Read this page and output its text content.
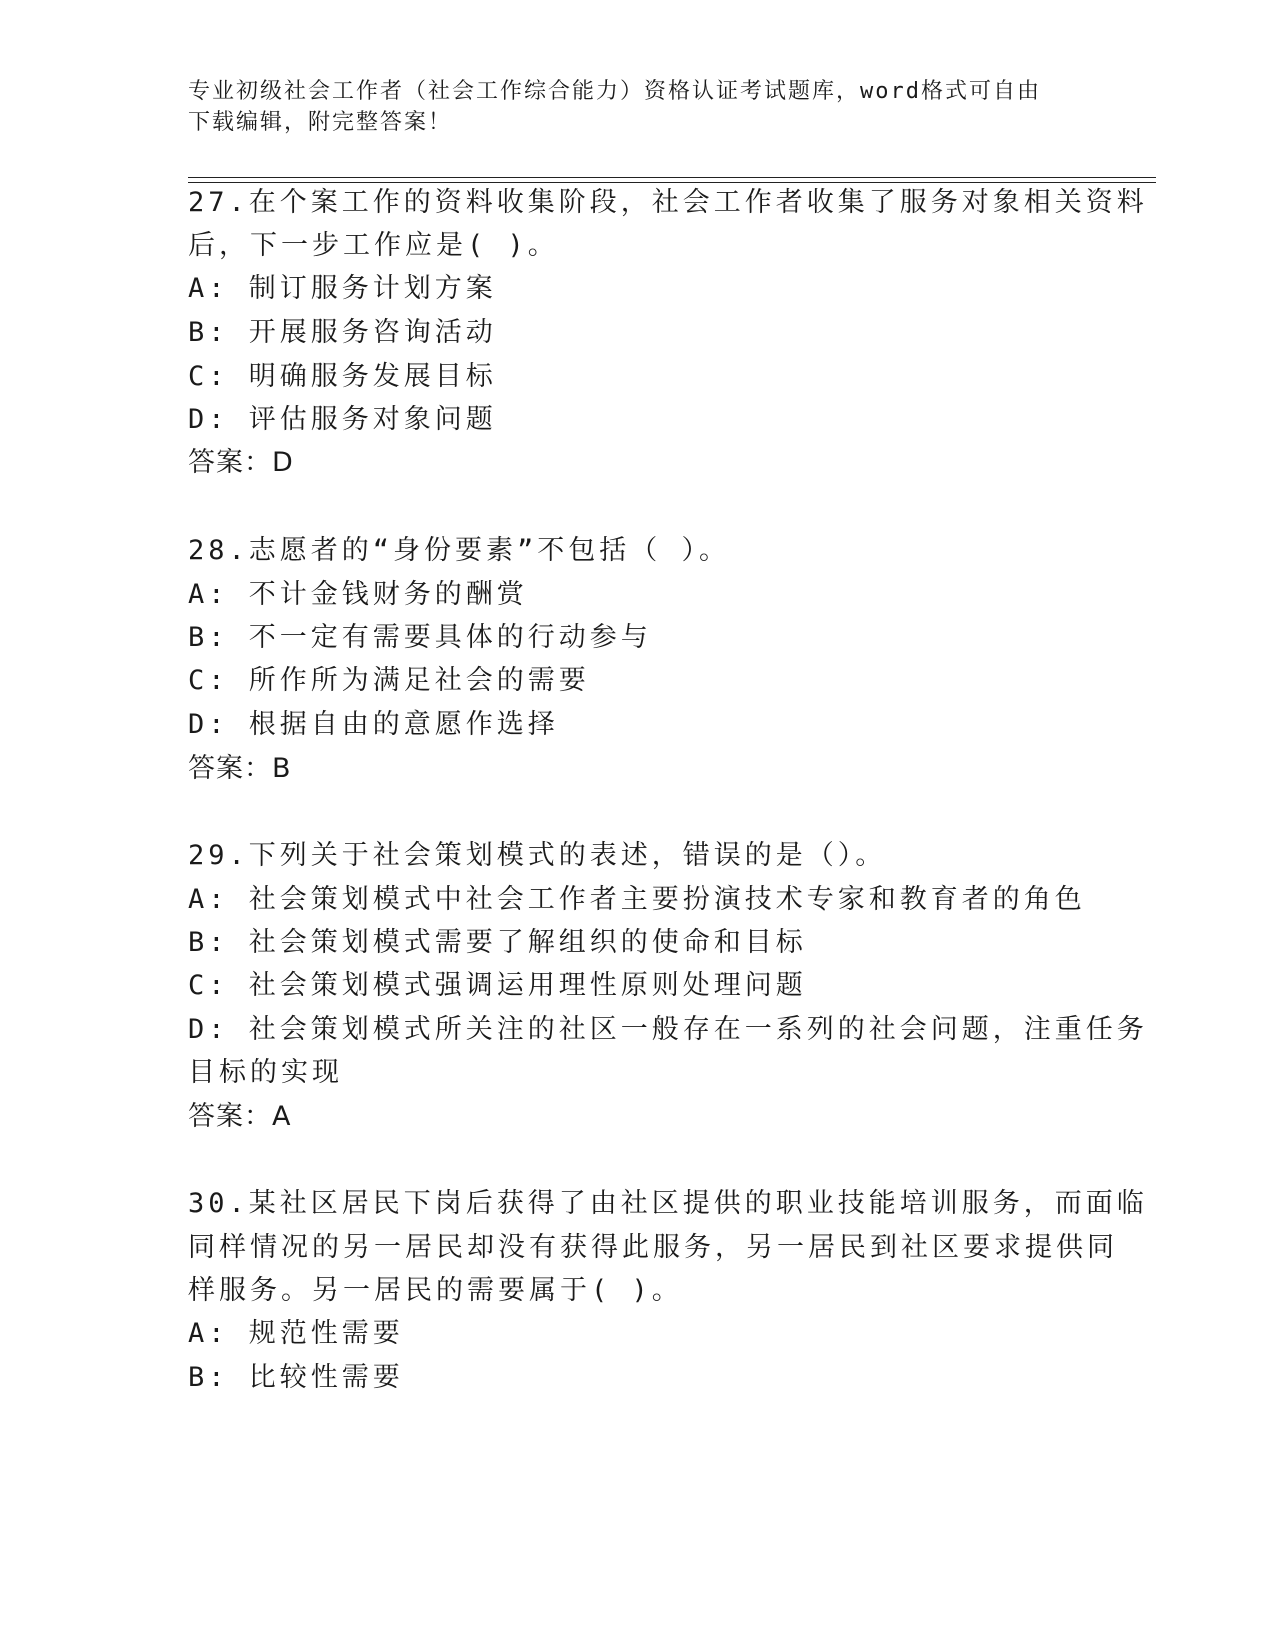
专业初级社会工作者（社会工作综合能力）资格认证考试题库，word格式可自由
下载编辑，附完整答案！
27.在个案工作的资料收集阶段，社会工作者收集了服务对象相关资料
后，下一步工作应是( )。
A: 制订服务计划方案
B: 开展服务咨询活动
C: 明确服务发展目标
D: 评估服务对象问题
答案：D
28.志愿者的“身份要素”不包括（ ）。
A: 不计金钱财务的酬赏
B: 不一定有需要具体的行动参与
C: 所作所为满足社会的需要
D: 根据自由的意愿作选择
答案：B
29.下列关于社会策划模式的表述，错误的是（）。
A: 社会策划模式中社会工作者主要扮演技术专家和教育者的角色
B: 社会策划模式需要了解组织的使命和目标
C: 社会策划模式强调运用理性原则处理问题
D: 社会策划模式所关注的社区一般存在一系列的社会问题，注重任务
目标的实现
答案：A
30.某社区居民下岗后获得了由社区提供的职业技能培训服务，而面临
同样情况的另一居民却没有获得此服务，另一居民到社区要求提供同
样服务。另一居民的需要属于( )。
A: 规范性需要
B: 比较性需要
